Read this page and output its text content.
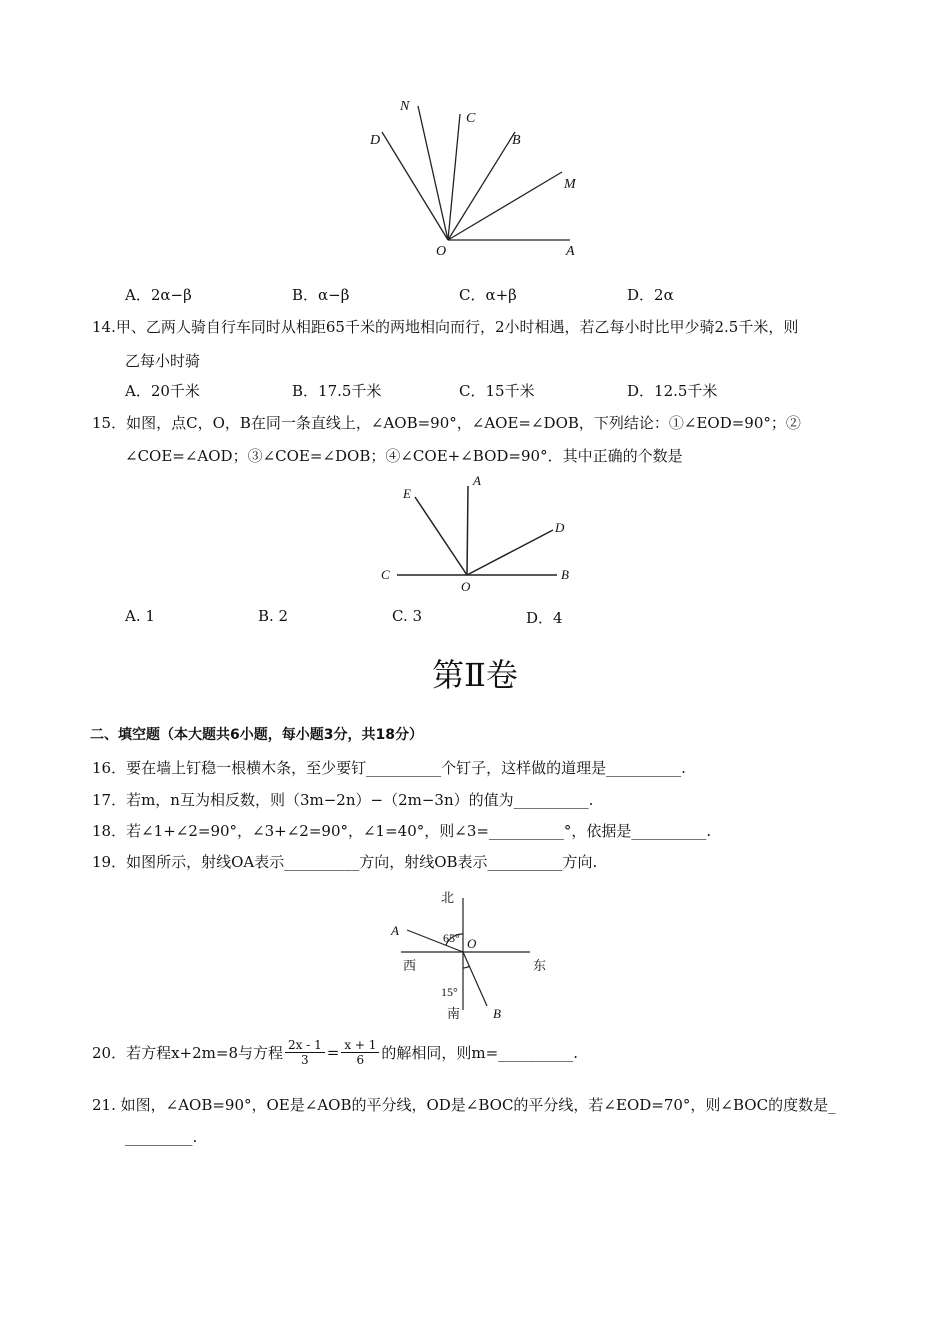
N
C
D	B
M
O	A
A．2α−β	B．α−β	C．α+β	D．2α
14.甲、乙两人骑自行车同时从相距65千米的两地相向而行，2小时相遇，若乙每小时比甲少骑2.5千米，则
乙每小时骑
A．20千米	B．17.5千米	C．15千米	D．12.5千米
15．如图，点C，O，B在同一条直线上，∠AOB=90°，∠AOE=∠DOB，下列结论：①∠EOD=90°；②
∠COE=∠AOD；③∠COE=∠DOB；④∠COE+∠BOD=90°．其中正确的个数是
E
A
D
C
O
B
A. 1	B. 2	C. 3	D．4
第Ⅱ卷
二、填空题（本大题共6小题，每小题3分，共18分）
16．要在墙上钉稳一根横木条，至少要钉__________个钉子，这样做的道理是__________.
17．若m，n互为相反数，则（3m−2n）−（2m−3n）的值为__________.
18．若∠1+∠2=90°，∠3+∠2=90°，∠1=40°，则∠3=__________°，依据是__________.
19．如图所示，射线OA表示__________方向，射线OB表示__________方向.
北
A	65° O
西	东
15°
南	B
20．若方程x+2m=8与方程 $\frac{2x - 1}{3} = \frac{x + 1}{6}$ 的解相同，则m=__________.
21. 如图，∠AOB=90°，OE是∠AOB的平分线，OD是∠BOC的平分线，若∠EOD=70°，则∠BOC的度数是_
_________.
